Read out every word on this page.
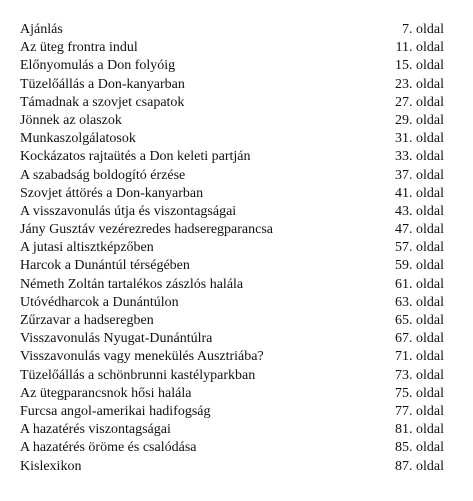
Ajánlás	7. oldal
Az üteg frontra indul	11. oldal
Előnyomulás a Don folyóig	15. oldal
Tüzelőállás a Don-kanyarban	23. oldal
Támadnak a szovjet csapatok	27. oldal
Jönnek az olaszok	29. oldal
Munkaszolgálatosok	31. oldal
Kockázatos rajtaütés a Don keleti partján	33. oldal
A szabadság boldogító érzése	37. oldal
Szovjet áttörés a Don-kanyarban	41. oldal
A visszavonulás útja és viszontagságai	43. oldal
Jány Gusztáv vezérezredes hadseregparancsa	47. oldal
A jutasi altisztképzőben	57. oldal
Harcok a Dunántúl térségében	59. oldal
Németh Zoltán tartalékos zászlós halála	61. oldal
Utóvédharcok a Dunántúlon	63. oldal
Zűrzavar a hadseregben	65. oldal
Visszavonulás Nyugat-Dunántúlra	67. oldal
Visszavonulás vagy menekülés Ausztriába?	71. oldal
Tüzelőállás a schönbrunni kastélyparkban	73. oldal
Az ütegparancsnok hősi halála	75. oldal
Furcsa angol-amerikai hadifogság	77. oldal
A hazatérés viszontagságai	81. oldal
A hazatérés öröme és csalódása	85. oldal
Kislexikon	87. oldal
